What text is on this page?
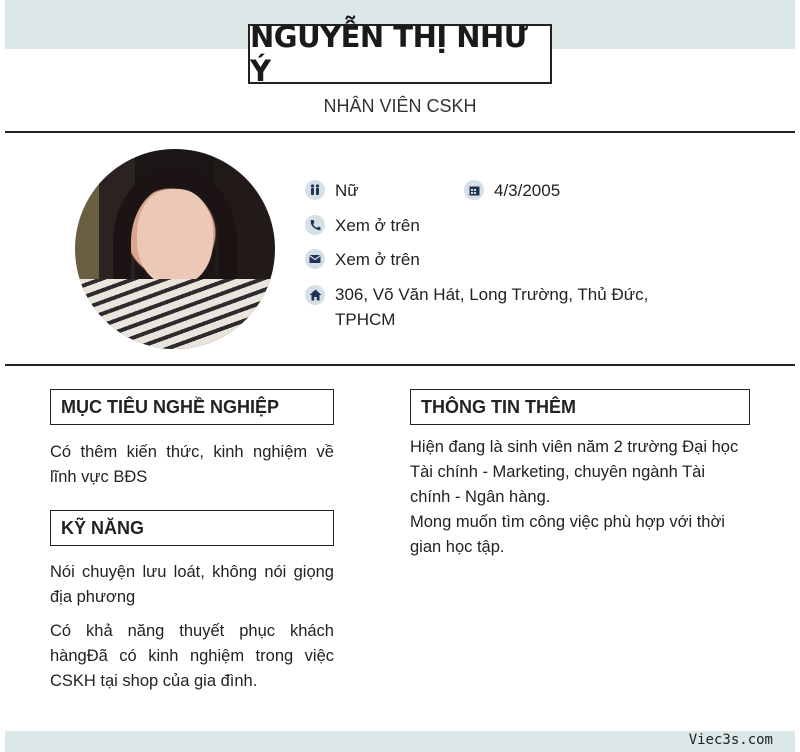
NGUYỄN THỊ NHƯ Ý
NHÂN VIÊN CSKH
Nữ	4/3/2005
Xem ở trên
Xem ở trên
306, Võ Văn Hát, Long Trường, Thủ Đức,
TPHCM
MỤC TIÊU NGHỀ NGHIỆP
Có thêm kiến thức, kinh nghiệm về
lĩnh vực BĐS
KỸ NĂNG
Nói chuyện lưu loát, không nói giọng
địa phương
Có khả năng thuyết phục khách
hàngĐã có kinh nghiệm trong việc
CSKH tại shop của gia đình.
THÔNG TIN THÊM
Hiện đang là sinh viên năm 2 trường Đại học
Tài chính - Marketing, chuyên ngành Tài
chính - Ngân hàng.
Mong muốn tìm công việc phù hợp với thời
gian học tập.
Viec3s.com
